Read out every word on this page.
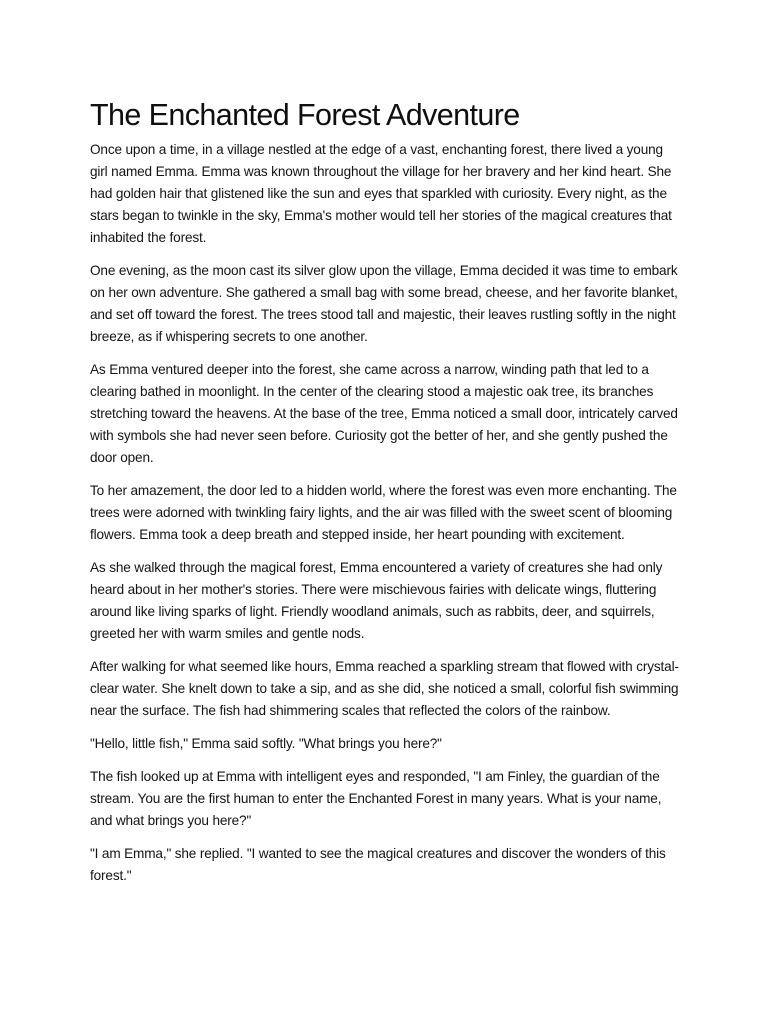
The Enchanted Forest Adventure

Once upon a time, in a village nestled at the edge of a vast, enchanting forest, there lived a young girl named Emma. Emma was known throughout the village for her bravery and her kind heart. She had golden hair that glistened like the sun and eyes that sparkled with curiosity. Every night, as the stars began to twinkle in the sky, Emma's mother would tell her stories of the magical creatures that inhabited the forest.

One evening, as the moon cast its silver glow upon the village, Emma decided it was time to embark on her own adventure. She gathered a small bag with some bread, cheese, and her favorite blanket, and set off toward the forest. The trees stood tall and majestic, their leaves rustling softly in the night breeze, as if whispering secrets to one another.

As Emma ventured deeper into the forest, she came across a narrow, winding path that led to a clearing bathed in moonlight. In the center of the clearing stood a majestic oak tree, its branches stretching toward the heavens. At the base of the tree, Emma noticed a small door, intricately carved with symbols she had never seen before. Curiosity got the better of her, and she gently pushed the door open.

To her amazement, the door led to a hidden world, where the forest was even more enchanting. The trees were adorned with twinkling fairy lights, and the air was filled with the sweet scent of blooming flowers. Emma took a deep breath and stepped inside, her heart pounding with excitement.

As she walked through the magical forest, Emma encountered a variety of creatures she had only heard about in her mother's stories. There were mischievous fairies with delicate wings, fluttering around like living sparks of light. Friendly woodland animals, such as rabbits, deer, and squirrels, greeted her with warm smiles and gentle nods.

After walking for what seemed like hours, Emma reached a sparkling stream that flowed with crystal-clear water. She knelt down to take a sip, and as she did, she noticed a small, colorful fish swimming near the surface. The fish had shimmering scales that reflected the colors of the rainbow.

"Hello, little fish," Emma said softly. "What brings you here?"

The fish looked up at Emma with intelligent eyes and responded, "I am Finley, the guardian of the stream. You are the first human to enter the Enchanted Forest in many years. What is your name, and what brings you here?"

"I am Emma," she replied. "I wanted to see the magical creatures and discover the wonders of this forest."
